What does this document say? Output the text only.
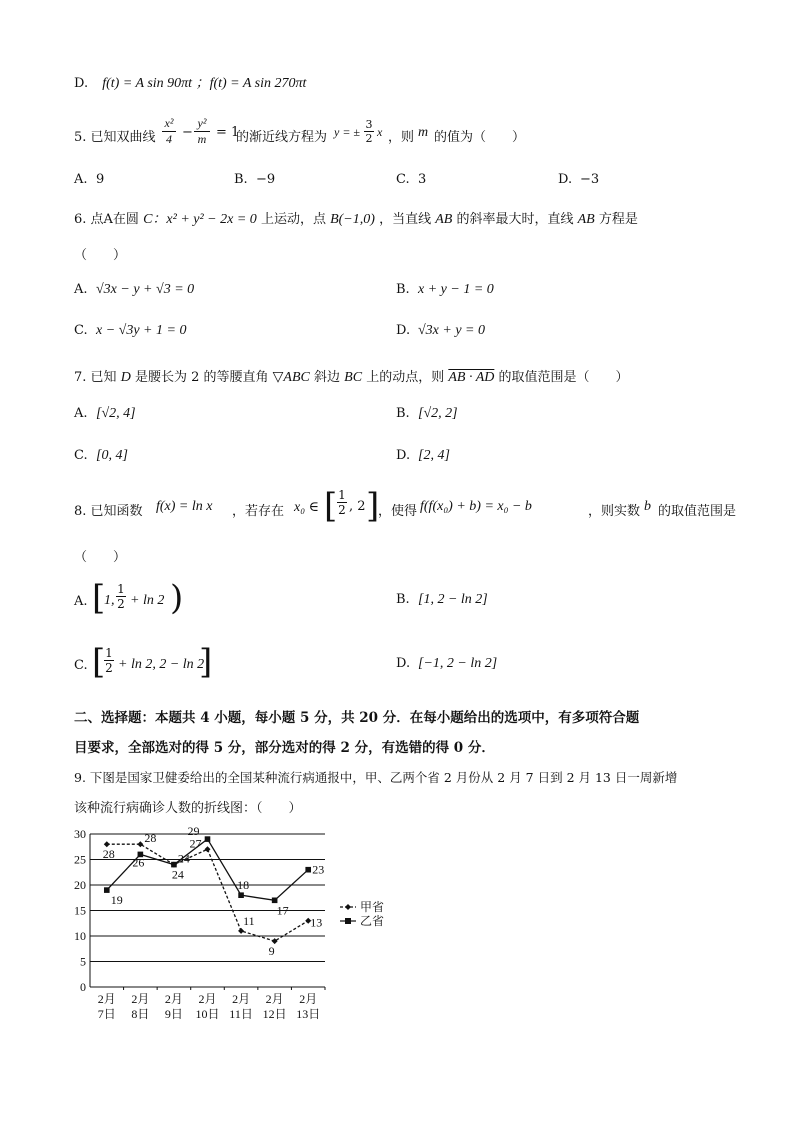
D. f(t) = A sin 90πt ；f(t) = A sin 270πt
5. 已知双曲线
x²
4 −
y²
m = 1
的渐近线方程为 y = ±
3
2 x ，则 m 的值为（　　）
A. 9	B. −9	C. 3	D. −3
6. 点A在圆 C：x² + y² − 2x = 0 上运动，点 B(−1,0) ，当直线 AB 的斜率最大时，直线 AB 方程是
（　　）
A. √3x − y + √3 = 0	B. x + y − 1 = 0
C. x − √3y + 1 = 0	D. √3x + y = 0
7. 已知 D 是腰长为 2 的等腰直角 ▽ABC 斜边 BC 上的动点，则 AB · AD 的取值范围是（　　）
A. [√2, 4]	B. [√2, 2]
C. [0, 4]	D. [2, 4]
8. 已知函数 f(x) = ln x ，若存在 x₀ ∈ [ 1
2 , 2 ]
，使得 f(f(x₀) + b) = x₀ − b	，则实数 b 的取值范围是
（　　）
A. [
1,
1
2 + ln 2 )	B. [1, 2 − ln 2]
C. [ 1
2 + ln 2, 2 − ln 2
]	D. [−1, 2 − ln 2]
二、选择题：本题共 4 小题，每小题 5 分，共 20 分．在每小题给出的选项中，有多项符合题
目要求，全部选对的得 5 分，部分选对的得 2 分，有选错的得 0 分．
9. 下图是国家卫健委给出的全国某种流行病通报中，甲、乙两个省 2 月份从 2 月 7 日到 2 月 13 日一周新增
该种流行病确诊人数的折线图：（　　）
0
5
10
15
20
25
30
2月
7日
2月
8日
2月
9日
2月
10日
2月
11日
2月
12日
2月
13日
28
28
24
27
11
9
13
19
26	24
29
18
17
23
甲省
乙省
